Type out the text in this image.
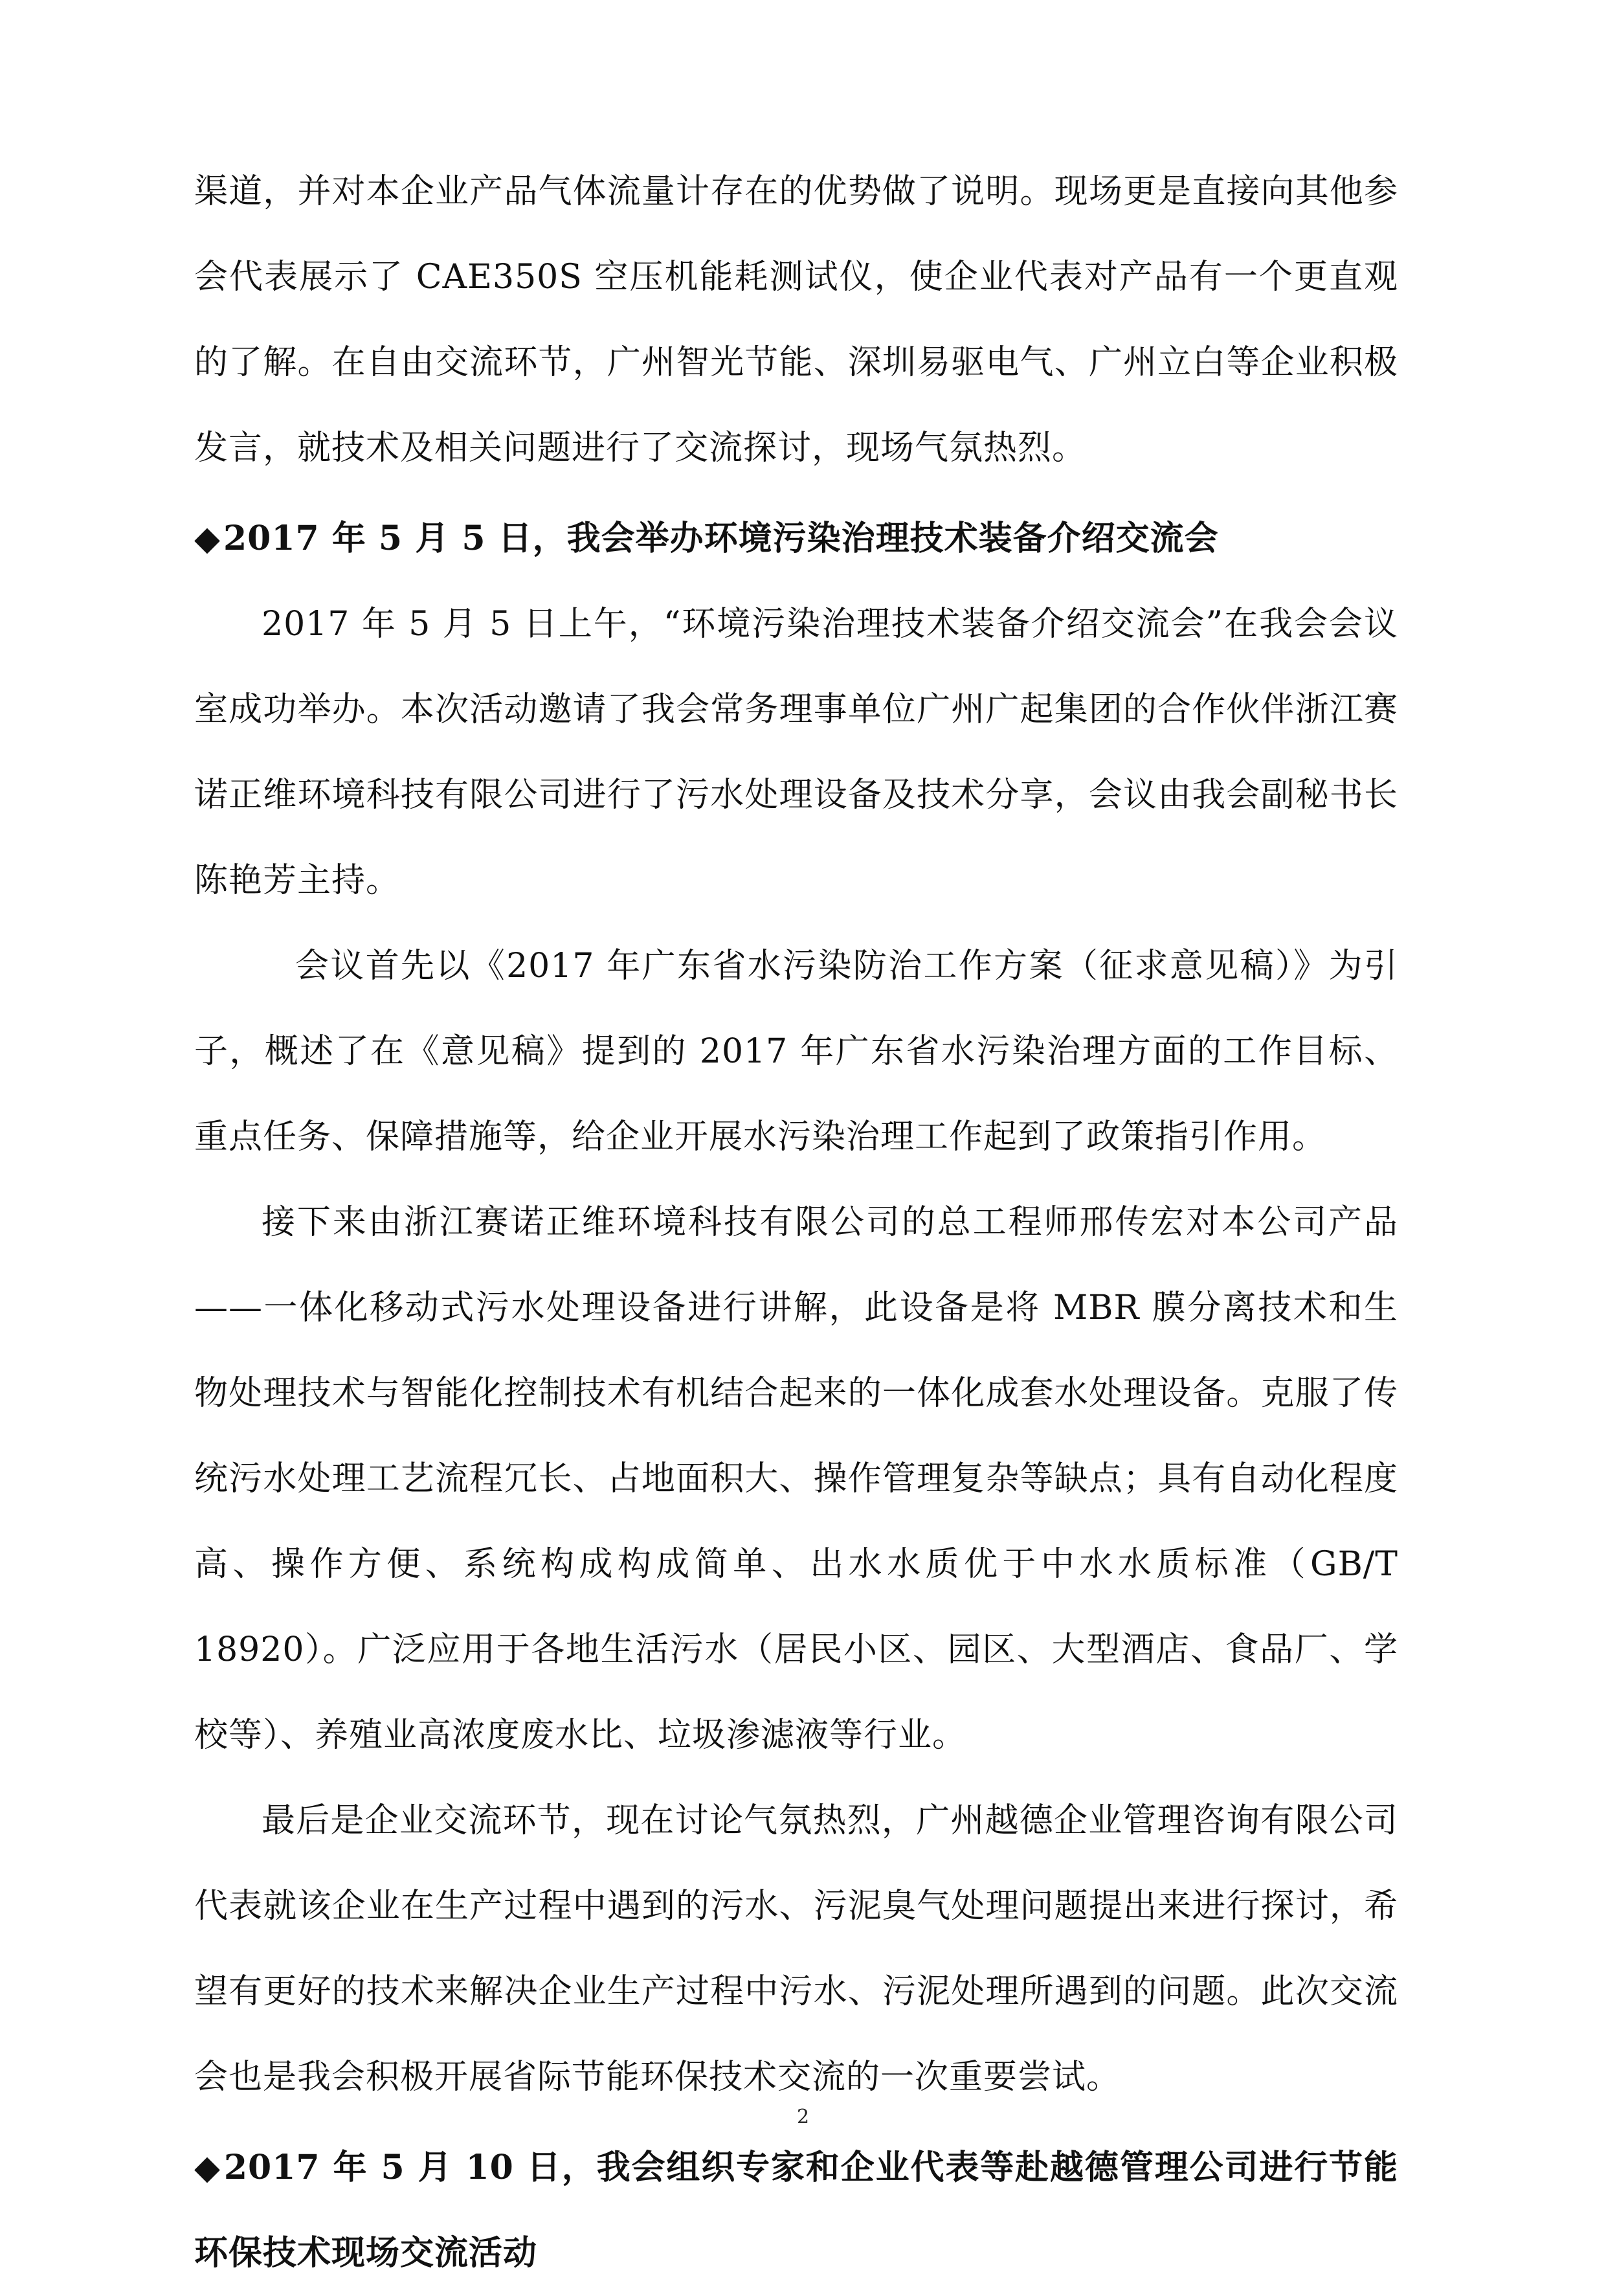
渠道，并对本企业产品气体流量计存在的优势做了说明。现场更是直接向其他参会代表展示了 CAE350S 空压机能耗测试仪，使企业代表对产品有一个更直观的了解。在自由交流环节，广州智光节能、深圳易驱电气、广州立白等企业积极发言，就技术及相关问题进行了交流探讨，现场气氛热烈。

◆2017 年 5 月 5 日，我会举办环境污染治理技术装备介绍交流会

2017 年 5 月 5 日上午，“环境污染治理技术装备介绍交流会”在我会会议室成功举办。本次活动邀请了我会常务理事单位广州广起集团的合作伙伴浙江赛诺正维环境科技有限公司进行了污水处理设备及技术分享，会议由我会副秘书长陈艳芳主持。

会议首先以《2017 年广东省水污染防治工作方案（征求意见稿）》为引子，概述了在《意见稿》提到的 2017 年广东省水污染治理方面的工作目标、重点任务、保障措施等，给企业开展水污染治理工作起到了政策指引作用。

接下来由浙江赛诺正维环境科技有限公司的总工程师邢传宏对本公司产品——一体化移动式污水处理设备进行讲解，此设备是将 MBR 膜分离技术和生物处理技术与智能化控制技术有机结合起来的一体化成套水处理设备。克服了传统污水处理工艺流程冗长、占地面积大、操作管理复杂等缺点；具有自动化程度高、操作方便、系统构成构成简单、出水水质优于中水水质标准（GB/T 18920）。广泛应用于各地生活污水（居民小区、园区、大型酒店、食品厂、学校等）、养殖业高浓度废水比、垃圾渗滤液等行业。

最后是企业交流环节，现在讨论气氛热烈，广州越德企业管理咨询有限公司代表就该企业在生产过程中遇到的污水、污泥臭气处理问题提出来进行探讨，希望有更好的技术来解决企业生产过程中污水、污泥处理所遇到的问题。此次交流会也是我会积极开展省际节能环保技术交流的一次重要尝试。

◆2017 年 5 月 10 日，我会组织专家和企业代表等赴越德管理公司进行节能环保技术现场交流活动
2
